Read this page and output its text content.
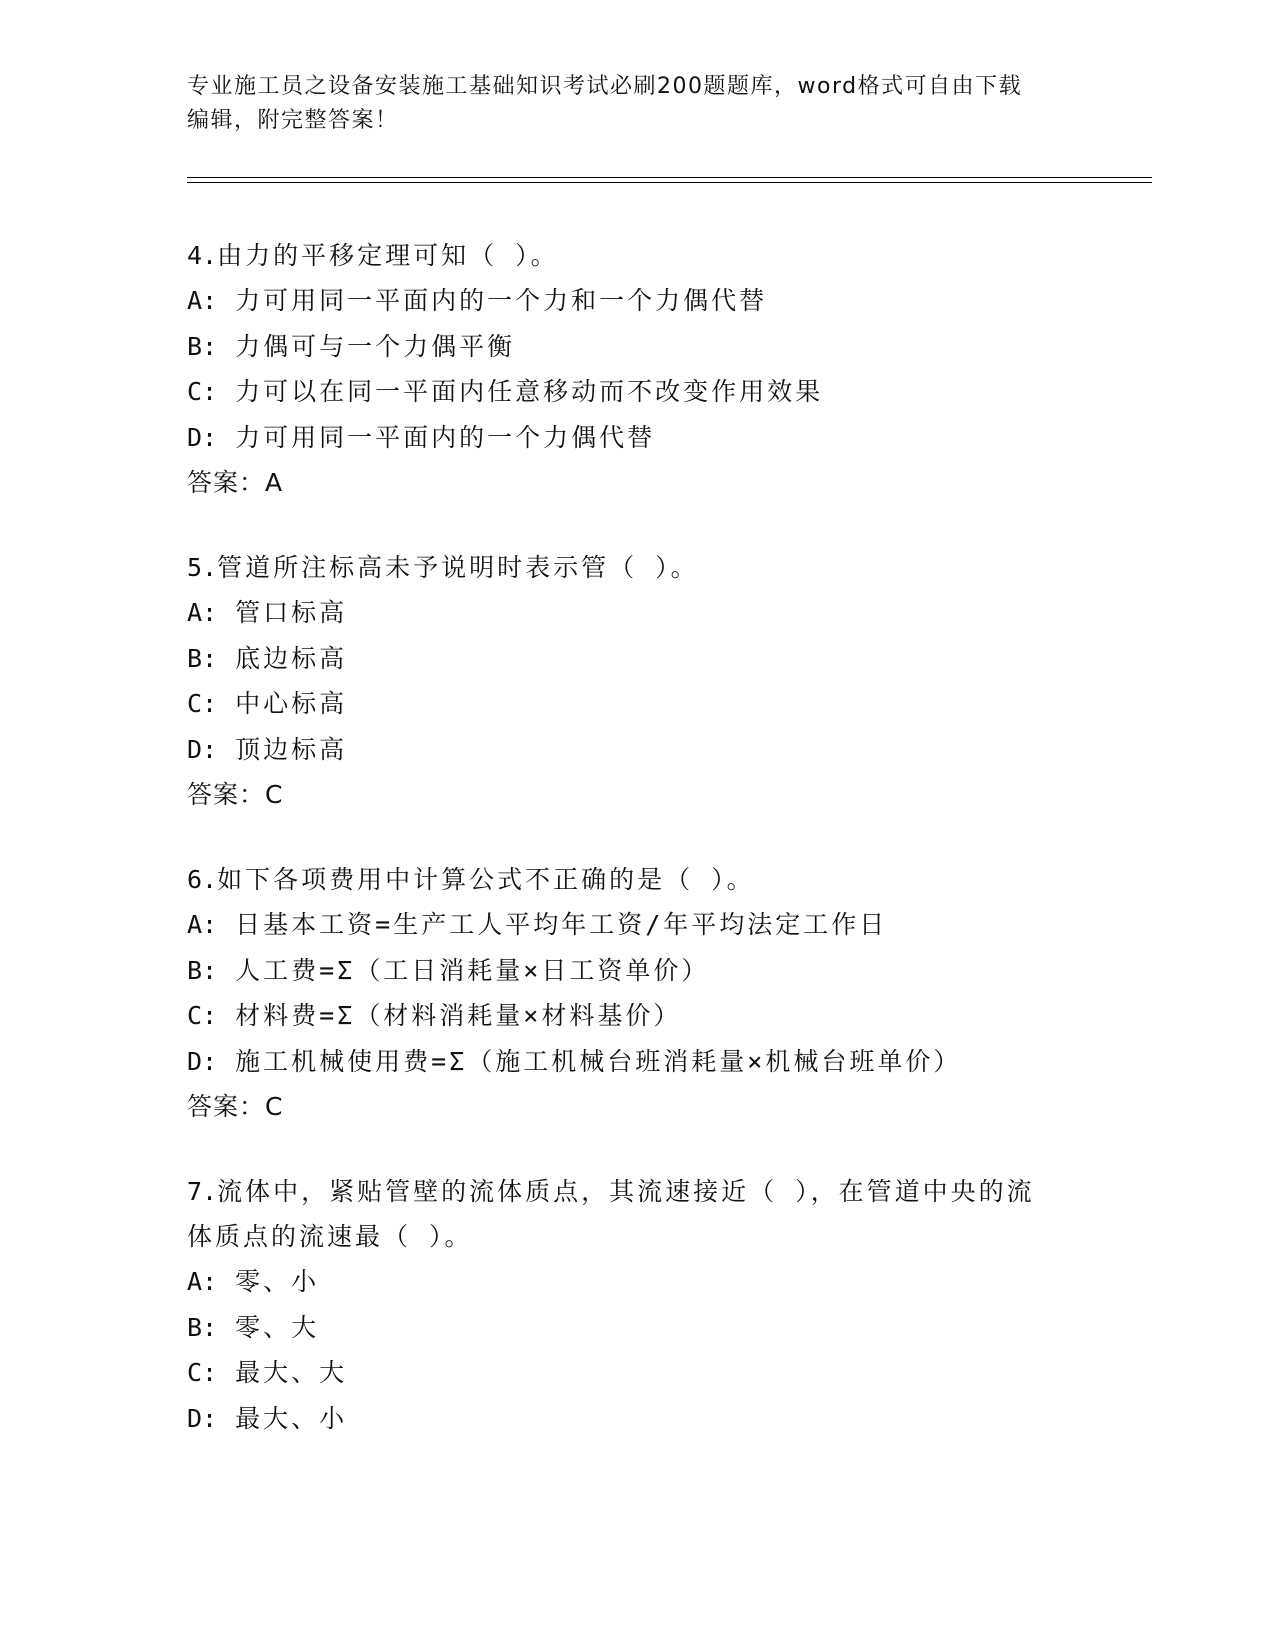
专业施工员之设备安装施工基础知识考试必刷200题题库，word格式可自由下载
编辑，附完整答案！
4.由力的平移定理可知（ ）。
A: 力可用同一平面内的一个力和一个力偶代替
B: 力偶可与一个力偶平衡
C: 力可以在同一平面内任意移动而不改变作用效果
D: 力可用同一平面内的一个力偶代替
答案：A
5.管道所注标高未予说明时表示管（ ）。
A: 管口标高
B: 底边标高
C: 中心标高
D: 顶边标高
答案：C
6.如下各项费用中计算公式不正确的是（ ）。
A: 日基本工资=生产工人平均年工资/年平均法定工作日
B: 人工费=Σ（工日消耗量×日工资单价）
C: 材料费=Σ（材料消耗量×材料基价）
D: 施工机械使用费=Σ（施工机械台班消耗量×机械台班单价）
答案：C
7.流体中，紧贴管壁的流体质点，其流速接近（ ），在管道中央的流
体质点的流速最（ ）。
A: 零、小
B: 零、大
C: 最大、大
D: 最大、小
